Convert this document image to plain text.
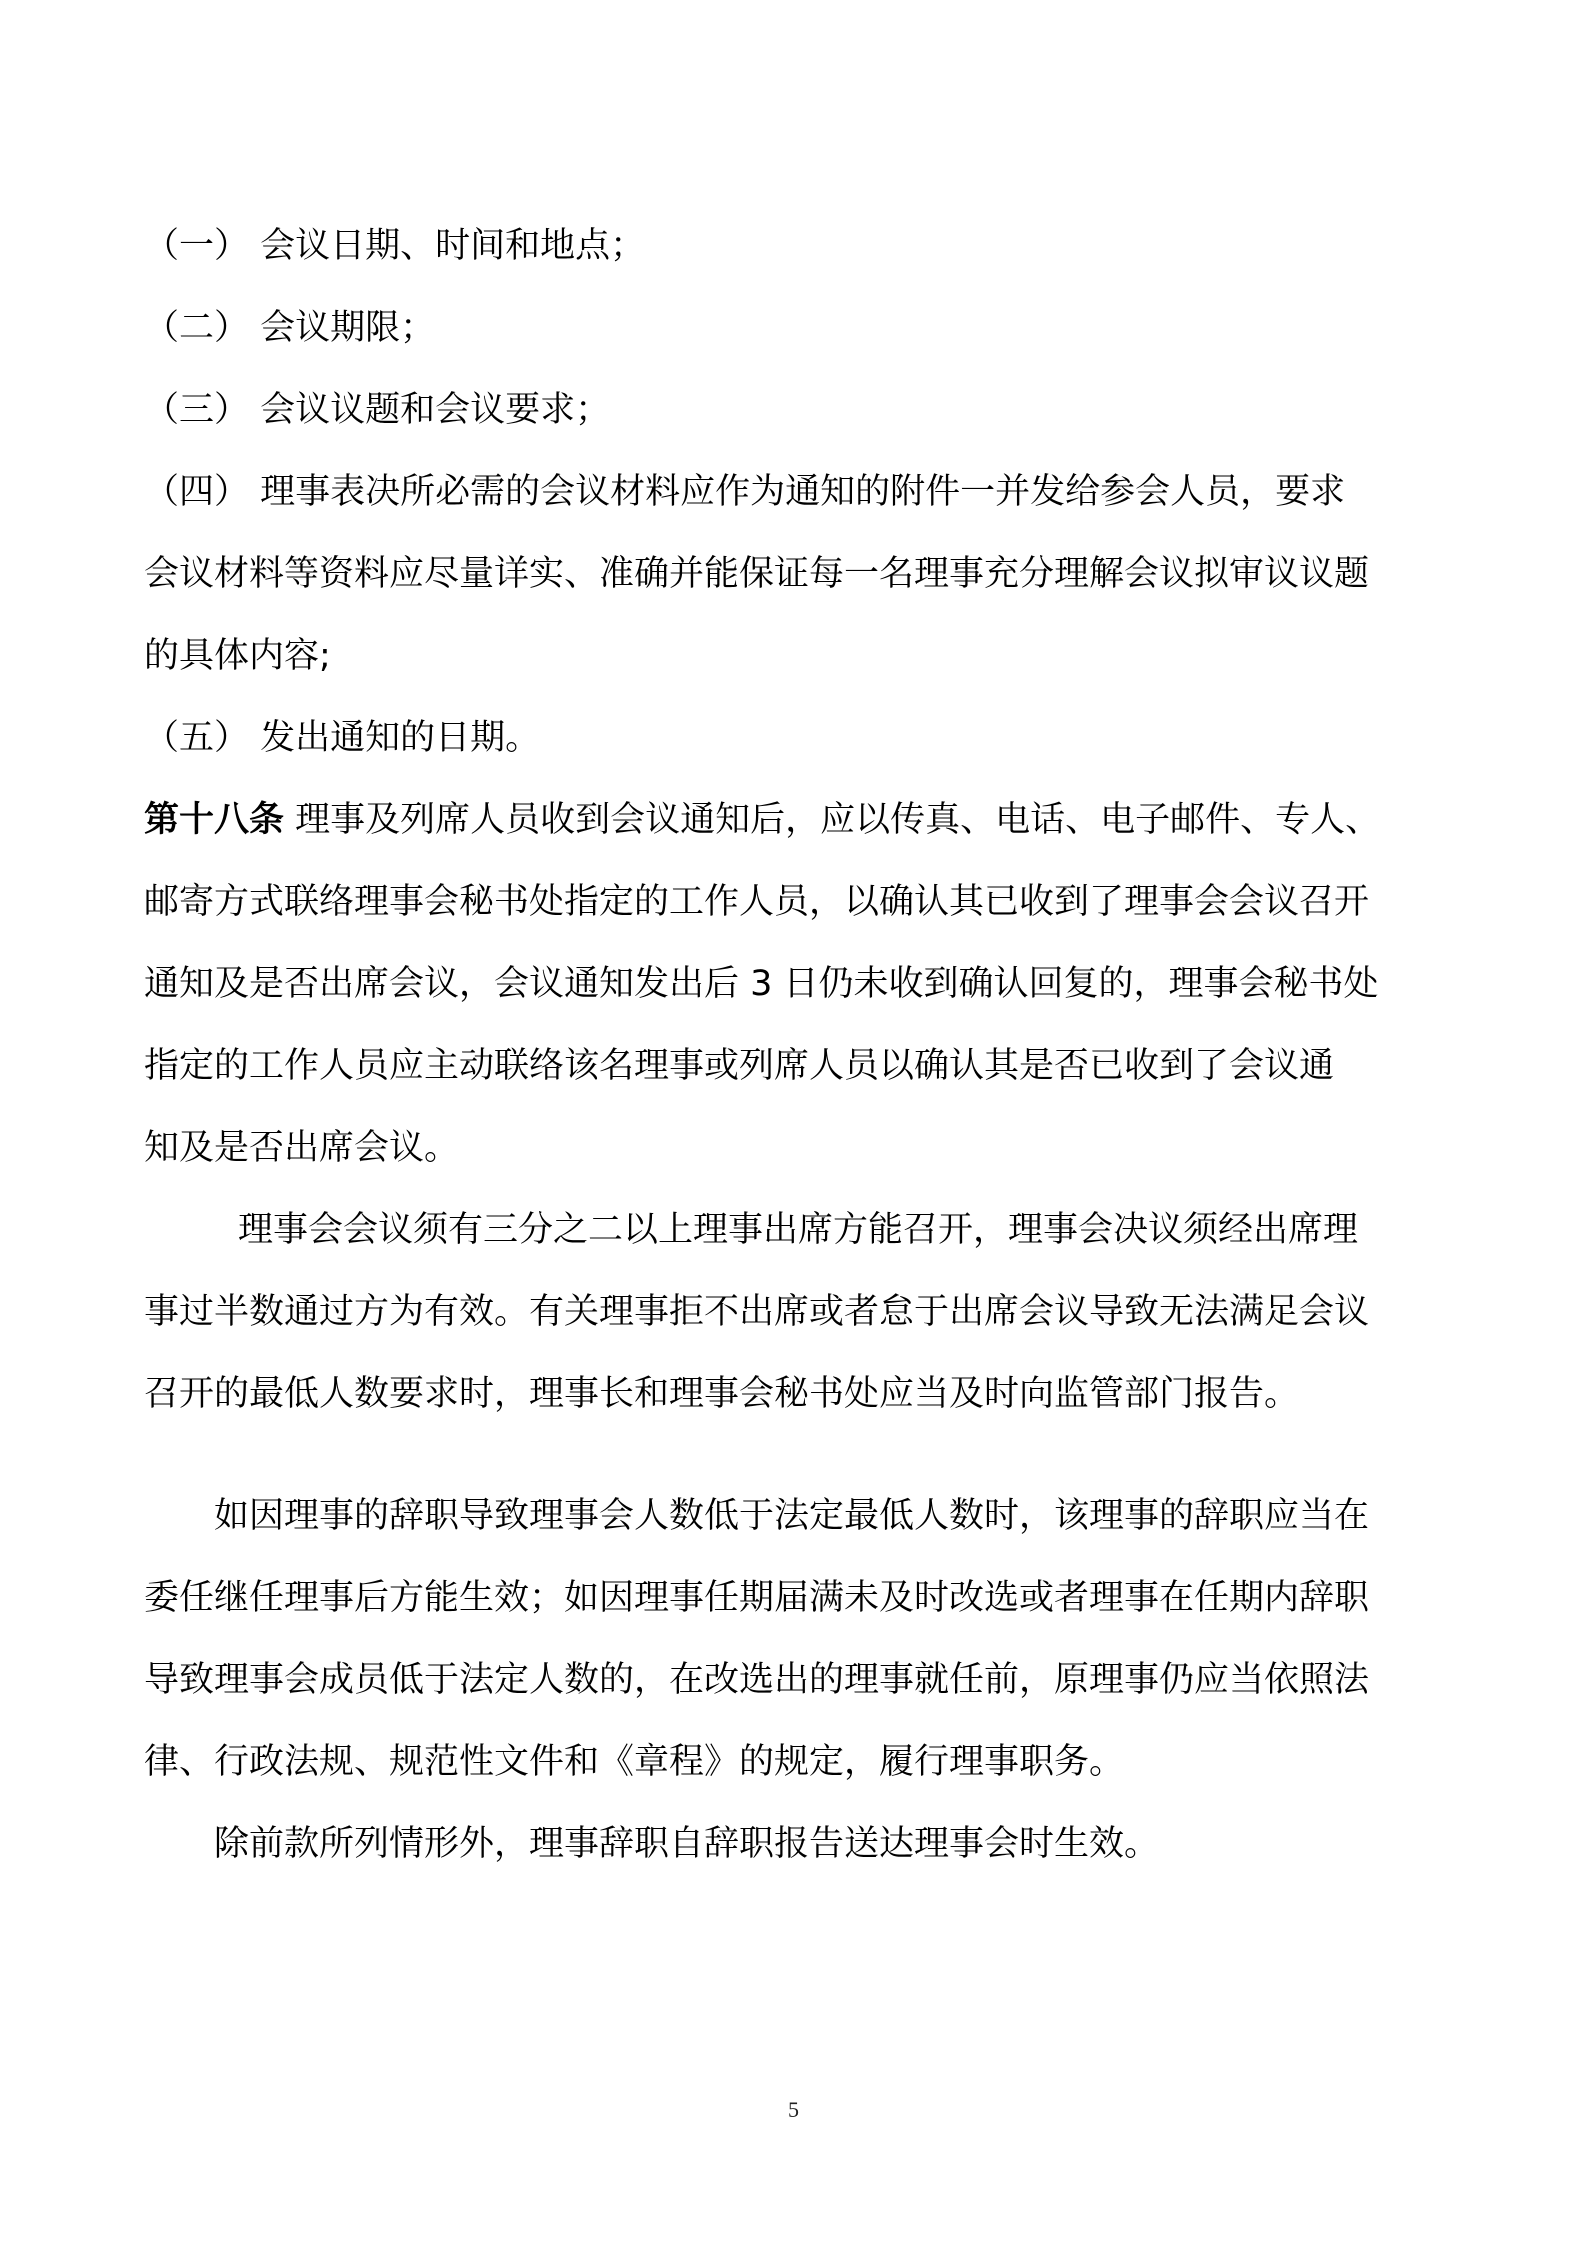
（一） 会议日期、时间和地点；
（二） 会议期限；
（三） 会议议题和会议要求；
（四） 理事表决所必需的会议材料应作为通知的附件一并发给参会人员，要求
会议材料等资料应尽量详实、准确并能保证每一名理事充分理解会议拟审议议题
的具体内容;
（五） 发出通知的日期。
第十八条 理事及列席人员收到会议通知后，应以传真、电话、电子邮件、专人、
邮寄方式联络理事会秘书处指定的工作人员，以确认其已收到了理事会会议召开
通知及是否出席会议，会议通知发出后 3 日仍未收到确认回复的，理事会秘书处
指定的工作人员应主动联络该名理事或列席人员以确认其是否已收到了会议通
知及是否出席会议。
理事会会议须有三分之二以上理事出席方能召开，理事会决议须经出席理
事过半数通过方为有效。有关理事拒不出席或者怠于出席会议导致无法满足会议
召开的最低人数要求时，理事长和理事会秘书处应当及时向监管部门报告。
如因理事的辞职导致理事会人数低于法定最低人数时，该理事的辞职应当在
委任继任理事后方能生效；如因理事任期届满未及时改选或者理事在任期内辞职
导致理事会成员低于法定人数的，在改选出的理事就任前，原理事仍应当依照法
律、行政法规、规范性文件和《章程》的规定，履行理事职务。
除前款所列情形外，理事辞职自辞职报告送达理事会时生效。
5
